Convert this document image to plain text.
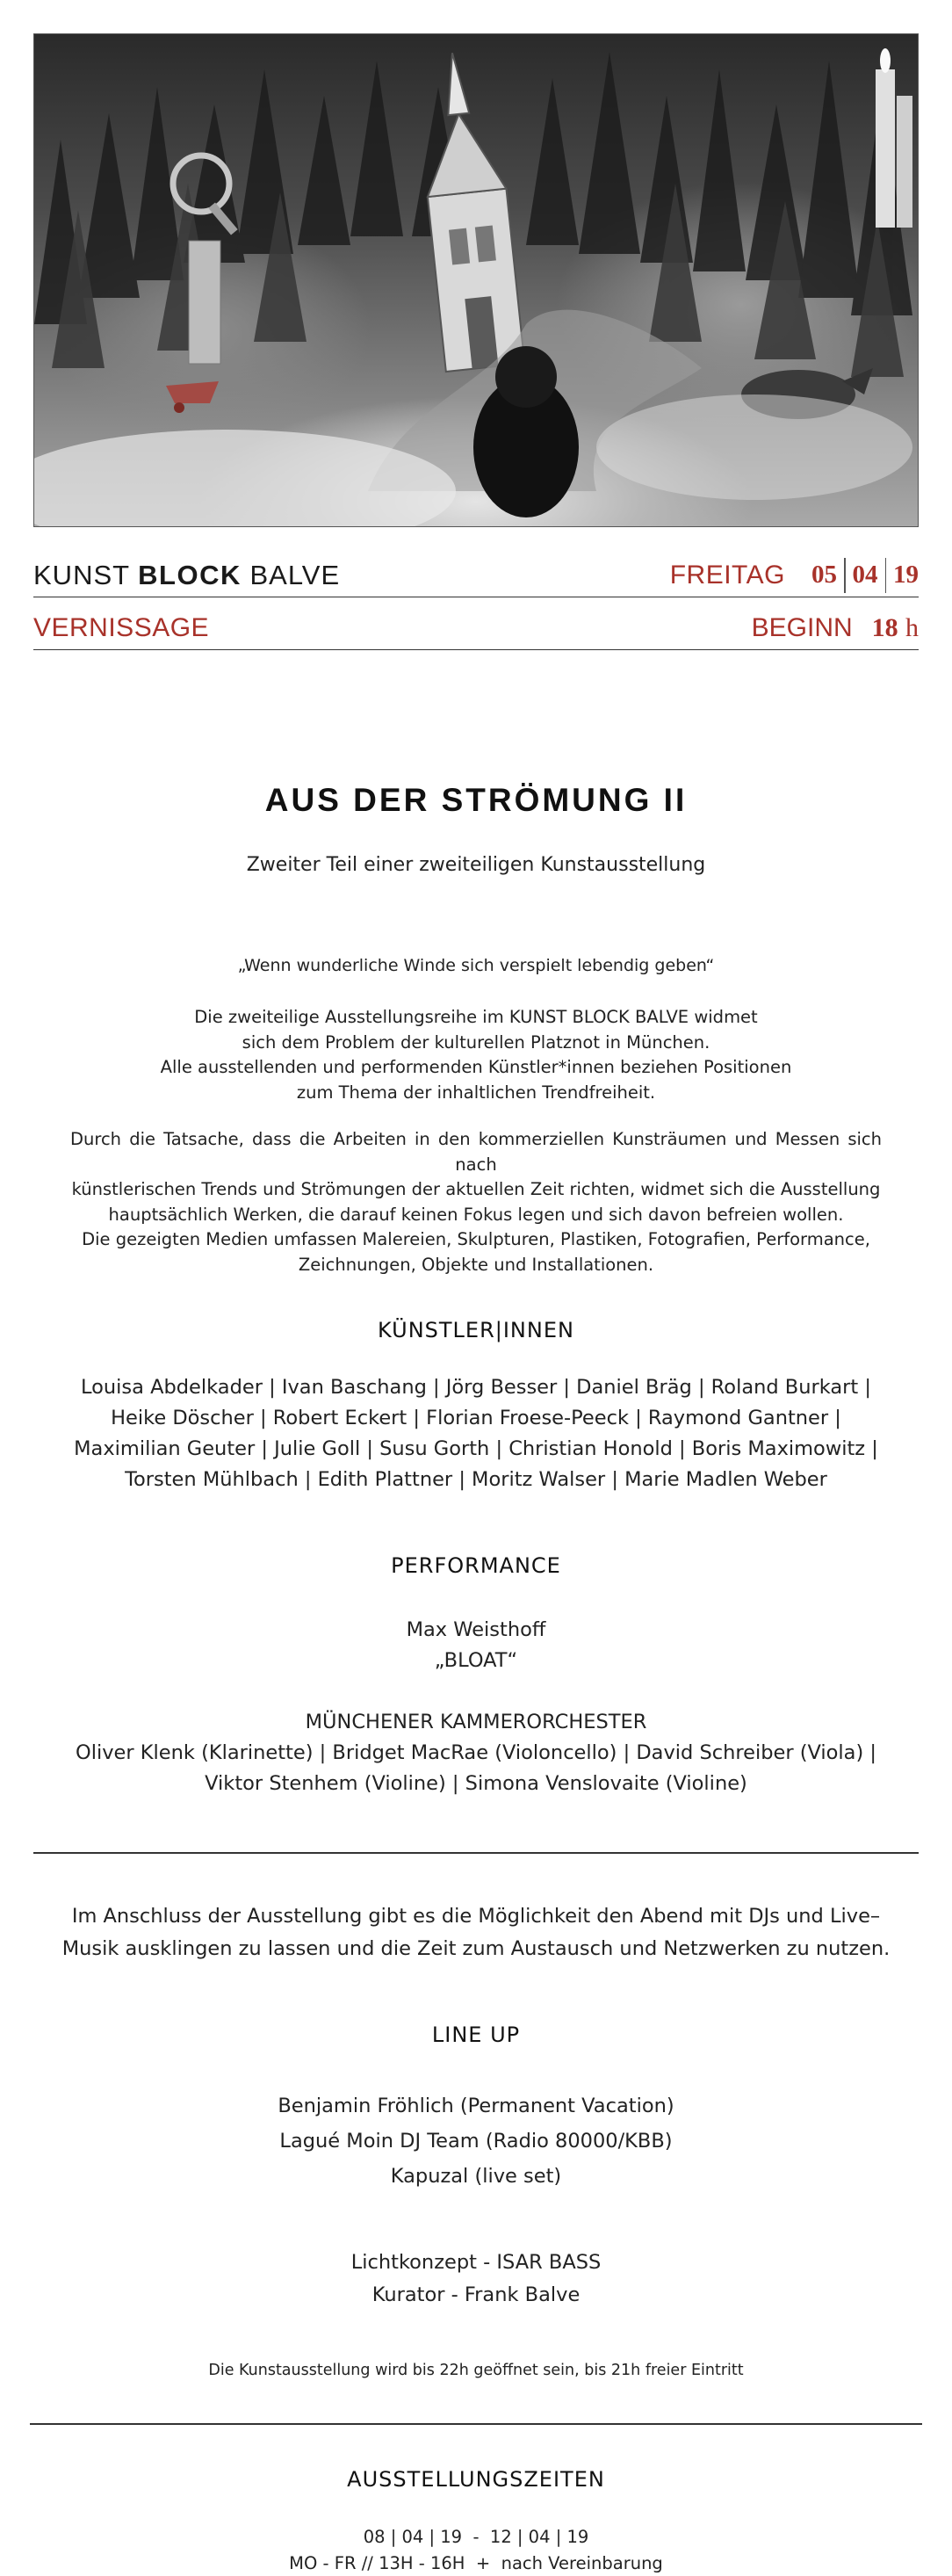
KUNST BLOCK BALVE	FREITAG 05 04 19
VERNISSAGE	BEGINN 18 h
AUS DER STRÖMUNG II
Zweiter Teil einer zweiteiligen Kunstausstellung
„Wenn wunderliche Winde sich verspielt lebendig geben“
Die zweiteilige Ausstellungsreihe im KUNST BLOCK BALVE widmet
sich dem Problem der kulturellen Platznot in München.
Alle ausstellenden und performenden Künstler*innen beziehen Positionen
zum Thema der inhaltlichen Trendfreiheit.
Durch die Tatsache, dass die Arbeiten in den kommerziellen Kunsträumen und Messen sich nach
künstlerischen Trends und Strömungen der aktuellen Zeit richten, widmet sich die Ausstellung
hauptsächlich Werken, die darauf keinen Fokus legen und sich davon befreien wollen.
Die gezeigten Medien umfassen Malereien, Skulpturen, Plastiken, Fotografien, Performance,
Zeichnungen, Objekte und Installationen.
KÜNSTLER|INNEN
Louisa Abdelkader | Ivan Baschang | Jörg Besser | Daniel Bräg | Roland Burkart |
Heike Döscher | Robert Eckert | Florian Froese-Peeck | Raymond Gantner |
Maximilian Geuter | Julie Goll | Susu Gorth | Christian Honold | Boris Maximowitz |
Torsten Mühlbach | Edith Plattner | Moritz Walser | Marie Madlen Weber
PERFORMANCE
Max Weisthoff
„BLOAT“
MÜNCHENER KAMMERORCHESTER
Oliver Klenk (Klarinette) | Bridget MacRae (Violoncello) | David Schreiber (Viola) |
Viktor Stenhem (Violine) | Simona Venslovaite (Violine)
Im Anschluss der Ausstellung gibt es die Möglichkeit den Abend mit DJs und Live–
Musik ausklingen zu lassen und die Zeit zum Austausch und Netzwerken zu nutzen.
LINE UP
Benjamin Fröhlich (Permanent Vacation)
Lagué Moin DJ Team (Radio 80000/KBB)
Kapuzal (live set)
Lichtkonzept - ISAR BASS
Kurator - Frank Balve
Die Kunstausstellung wird bis 22h geöffnet sein, bis 21h freier Eintritt
AUSSTELLUNGSZEITEN
08 | 04 | 19  -  12 | 04 | 19
MO - FR // 13H - 16H  +  nach Vereinbarung
